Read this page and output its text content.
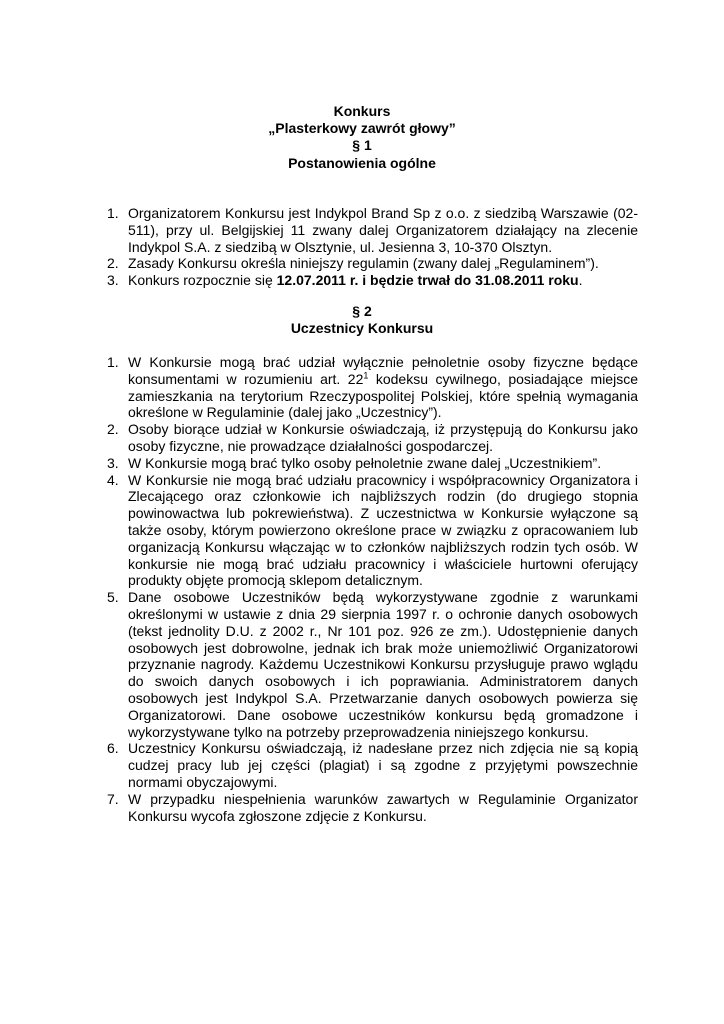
Konkurs
„Plasterkowy zawrót głowy”
§ 1
Postanowienia ogólne
1. Organizatorem Konkursu jest Indykpol Brand Sp z o.o. z siedzibą Warszawie (02-511), przy ul. Belgijskiej 11 zwany dalej Organizatorem działający na zlecenie Indykpol S.A. z siedzibą w Olsztynie, ul. Jesienna 3, 10-370 Olsztyn.
2. Zasady Konkursu określa niniejszy regulamin (zwany dalej „Regulaminem”).
3. Konkurs rozpocznie się 12.07.2011 r. i będzie trwał do 31.08.2011 roku.
§ 2
Uczestnicy Konkursu
1. W Konkursie mogą brać udział wyłącznie pełnoletnie osoby fizyczne będące konsumentami w rozumieniu art. $22^1$ kodeksu cywilnego, posiadające miejsce zamieszkania na terytorium Rzeczypospolitej Polskiej, które spełnią wymagania określone w Regulaminie (dalej jako „Uczestnicy”).
2. Osoby biorące udział w Konkursie oświadczają, iż przystępują do Konkursu jako osoby fizyczne, nie prowadzące działalności gospodarczej.
3. W Konkursie mogą brać tylko osoby pełnoletnie zwane dalej „Uczestnikiem”.
4. W Konkursie nie mogą brać udziału pracownicy i współpracownicy Organizatora i Zlecającego oraz członkowie ich najbliższych rodzin (do drugiego stopnia powinowactwa lub pokrewieństwa). Z uczestnictwa w Konkursie wyłączone są także osoby, którym powierzono określone prace w związku z opracowaniem lub organizacją Konkursu włączając w to członków najbliższych rodzin tych osób. W konkursie nie mogą brać udziału pracownicy i właściciele hurtowni oferujący produkty objęte promocją sklepom detalicznym.
5. Dane osobowe Uczestników będą wykorzystywane zgodnie z warunkami określonymi w ustawie z dnia 29 sierpnia 1997 r. o ochronie danych osobowych (tekst jednolity D.U. z 2002 r., Nr 101 poz. 926 ze zm.). Udostępnienie danych osobowych jest dobrowolne, jednak ich brak może uniemożliwić Organizatorowi przyznanie nagrody. Każdemu Uczestnikowi Konkursu przysługuje prawo wglądu do swoich danych osobowych i ich poprawiania. Administratorem danych osobowych jest Indykpol S.A. Przetwarzanie danych osobowych powierza się Organizatorowi. Dane osobowe uczestników konkursu będą gromadzone i wykorzystywane tylko na potrzeby przeprowadzenia niniejszego konkursu.
6. Uczestnicy Konkursu oświadczają, iż nadesłane przez nich zdjęcia nie są kopią cudzej pracy lub jej części (plagiat) i są zgodne z przyjętymi powszechnie normami obyczajowymi.
7. W przypadku niespełnienia warunków zawartych w Regulaminie Organizator Konkursu wycofa zgłoszone zdjęcie z Konkursu.
